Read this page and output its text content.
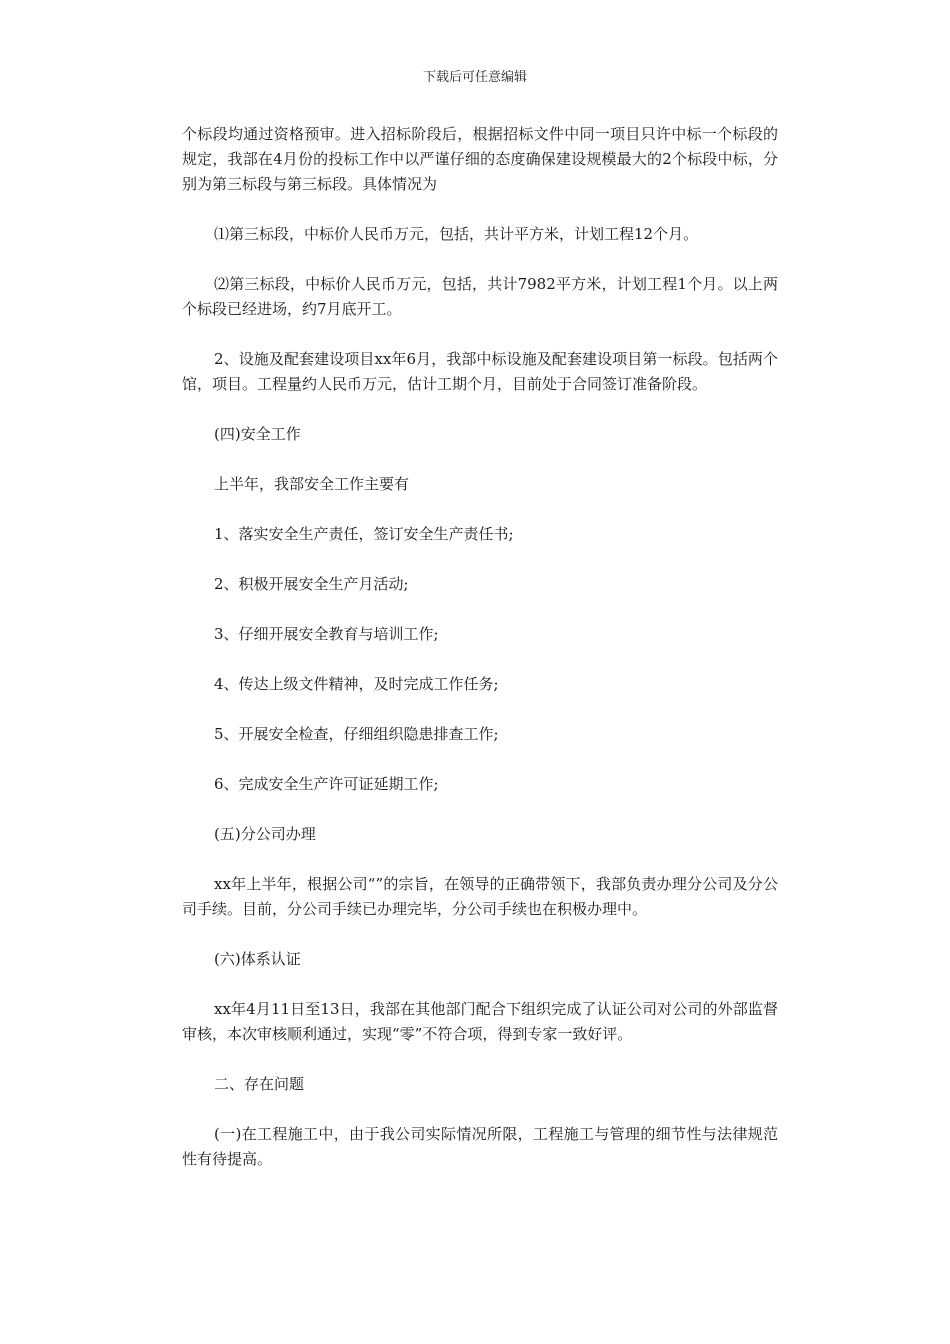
下载后可任意编辑

个标段均通过资格预审。进入招标阶段后，根据招标文件中同一项目只许中标一个标段的规定，我部在4月份的投标工作中以严谨仔细的态度确保建设规模最大的2个标段中标，分别为第三标段与第三标段。具体情况为

⑴第三标段，中标价人民币万元，包括，共计平方米，计划工程12个月。

⑵第三标段，中标价人民币万元，包括，共计7982平方米，计划工程1个月。以上两个标段已经进场，约7月底开工。

2、设施及配套建设项目xx年6月，我部中标设施及配套建设项目第一标段。包括两个馆，项目。工程量约人民币万元，估计工期个月，目前处于合同签订准备阶段。

(四)安全工作

上半年，我部安全工作主要有

1、落实安全生产责任，签订安全生产责任书;

2、积极开展安全生产月活动;

3、仔细开展安全教育与培训工作;

4、传达上级文件精神，及时完成工作任务;

5、开展安全检查，仔细组织隐患排查工作;

6、完成安全生产许可证延期工作;

(五)分公司办理

xx年上半年，根据公司“”的宗旨，在领导的正确带领下，我部负责办理分公司及分公司手续。目前，分公司手续已办理完毕，分公司手续也在积极办理中。

(六)体系认证

xx年4月11日至13日，我部在其他部门配合下组织完成了认证公司对公司的外部监督审核，本次审核顺利通过，实现“零”不符合项，得到专家一致好评。

二、存在问题

(一)在工程施工中，由于我公司实际情况所限，工程施工与管理的细节性与法律规范性有待提高。
